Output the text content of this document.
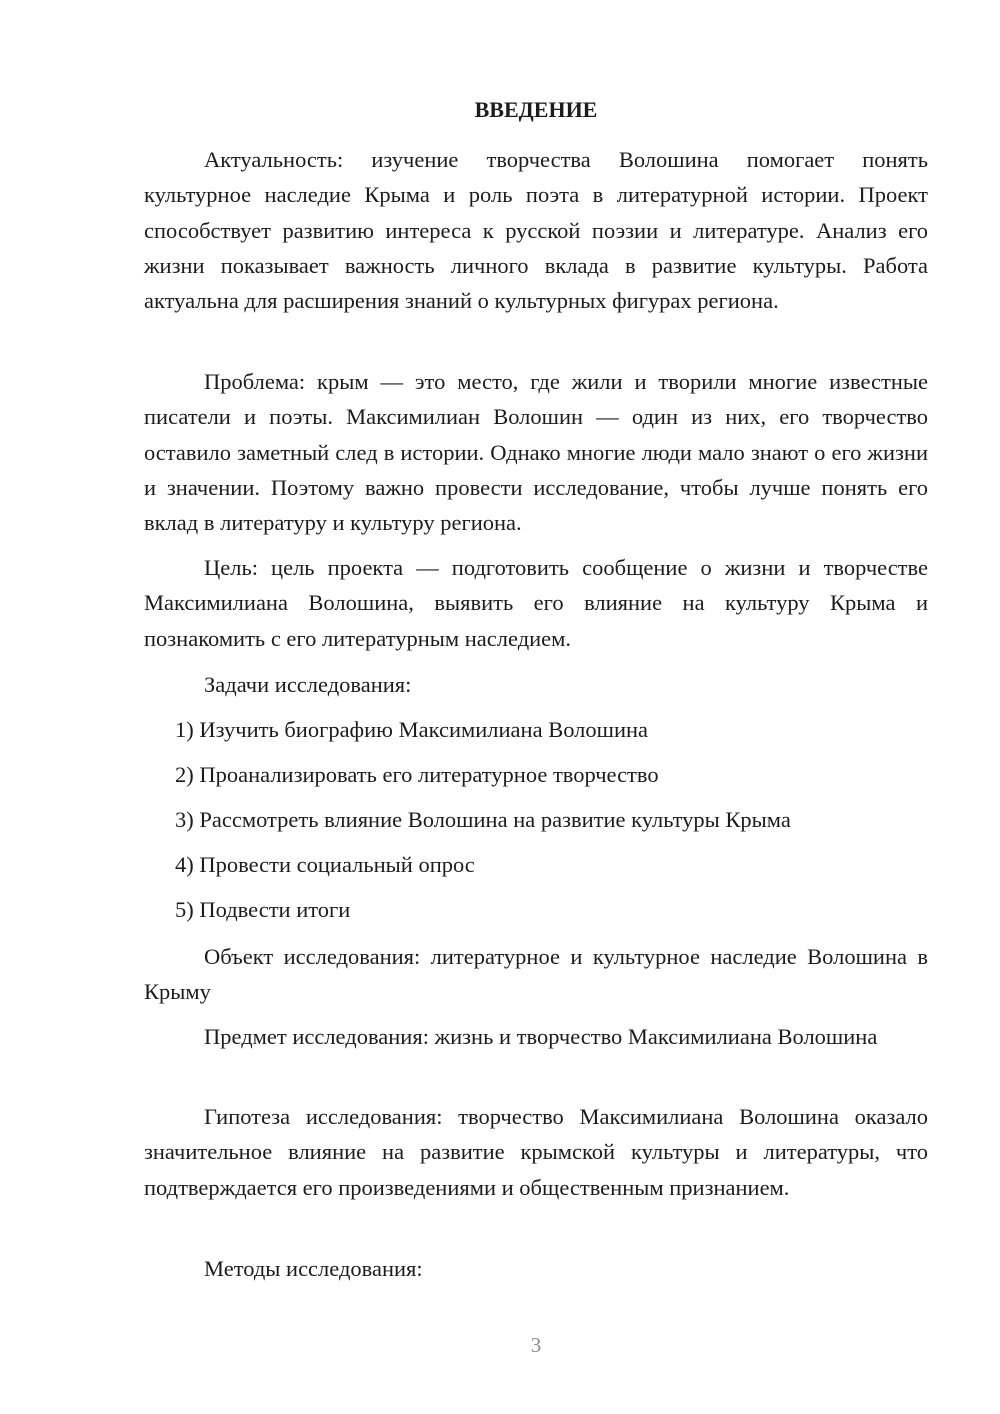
ВВЕДЕНИЕ

Актуальность: изучение творчества Волошина помогает понять культурное наследие Крыма и роль поэта в литературной истории. Проект способствует развитию интереса к русской поэзии и литературе. Анализ его жизни показывает важность личного вклада в развитие культуры. Работа актуальна для расширения знаний о культурных фигурах региона.

Проблема: крым — это место, где жили и творили многие известные писатели и поэты. Максимилиан Волошин — один из них, его творчество оставило заметный след в истории. Однако многие люди мало знают о его жизни и значении. Поэтому важно провести исследование, чтобы лучше понять его вклад в литературу и культуру региона.

Цель: цель проекта — подготовить сообщение о жизни и творчестве Максимилиана Волошина, выявить его влияние на культуру Крыма и познакомить с его литературным наследием.

Задачи исследования:

1) Изучить биографию Максимилиана Волошина
2) Проанализировать его литературное творчество
3) Рассмотреть влияние Волошина на развитие культуры Крыма
4) Провести социальный опрос
5) Подвести итоги

Объект исследования: литературное и культурное наследие Волошина в Крыму

Предмет исследования: жизнь и творчество Максимилиана Волошина

Гипотеза исследования: творчество Максимилиана Волошина оказало значительное влияние на развитие крымской культуры и литературы, что подтверждается его произведениями и общественным признанием.

Методы исследования:

3
